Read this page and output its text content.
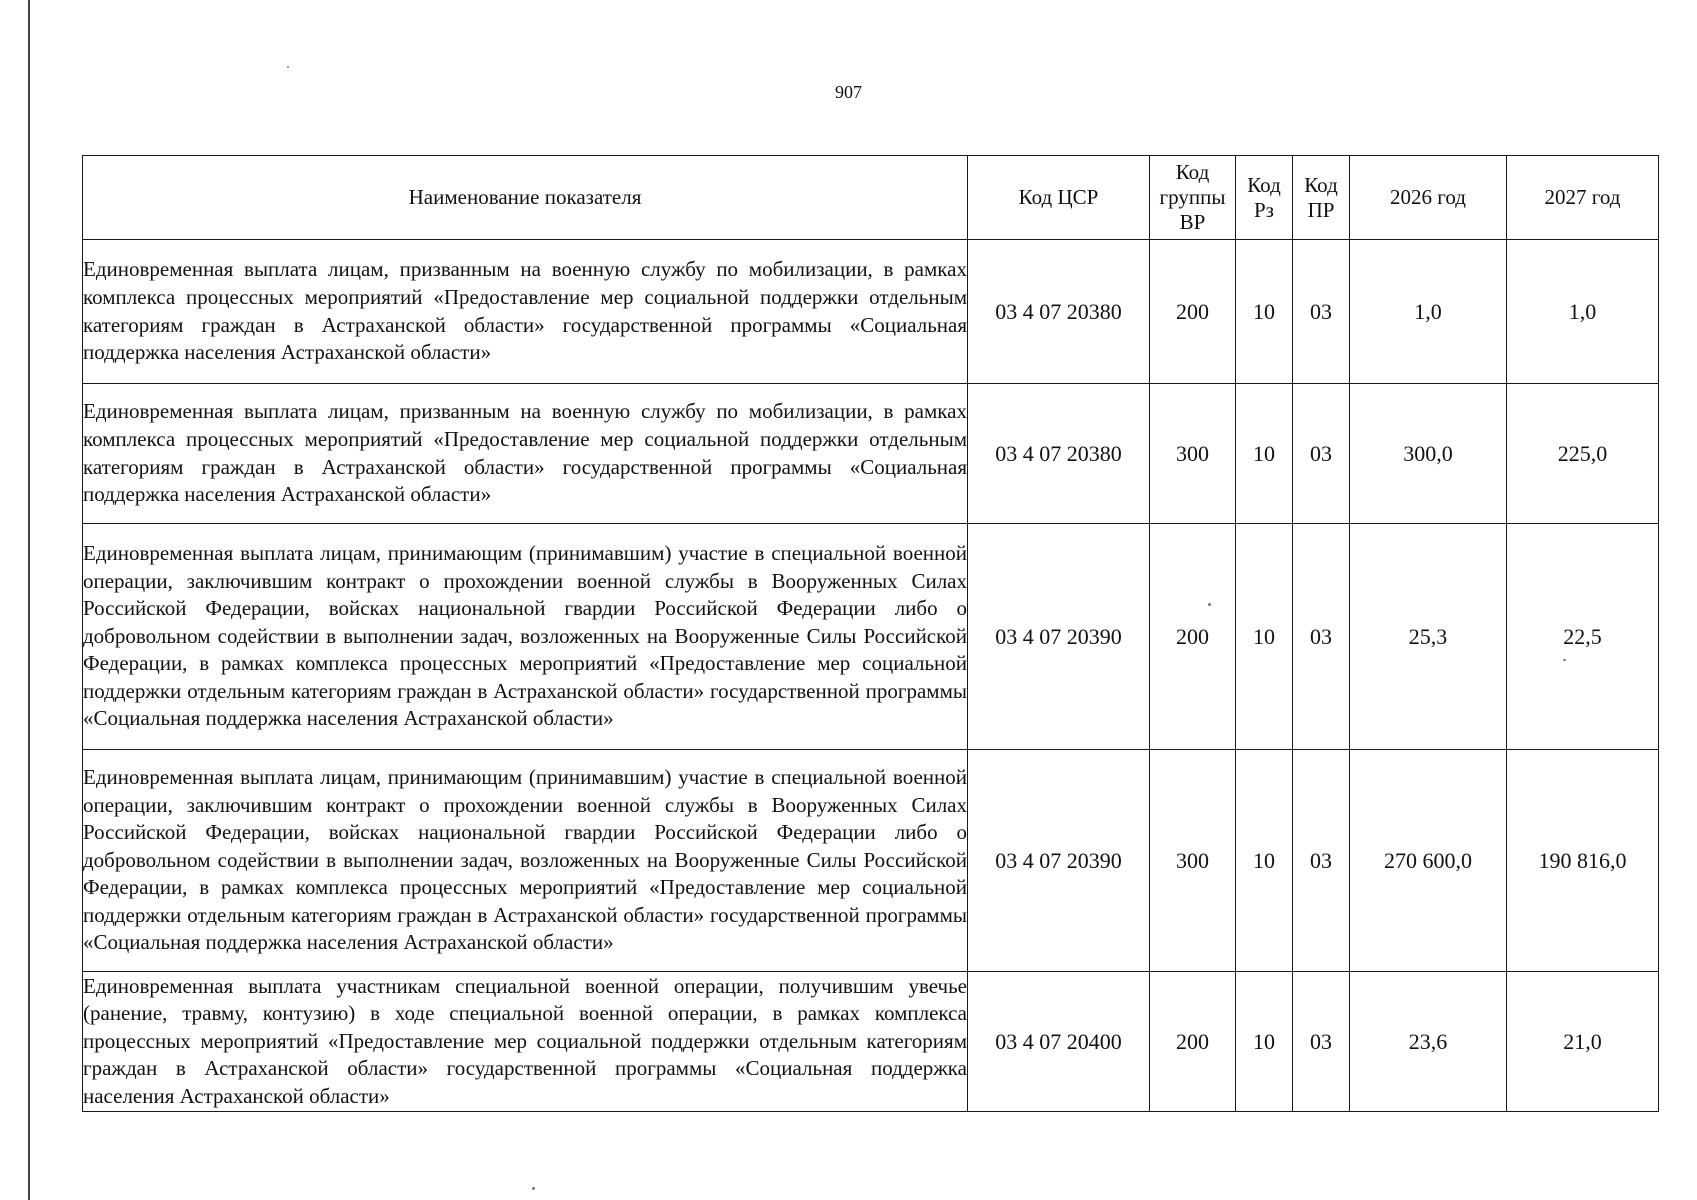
907
Наименование показателя	Код ЦСР	Код группы ВР	Код Рз	Код ПР	2026 год	2027 год
Единовременная выплата лицам, призванным на военную службу по мобилизации, в рамках комплекса процессных мероприятий «Предоставление мер социальной поддержки отдельным категориям граждан в Астраханской области» государственной программы «Социальная поддержка населения Астраханской области»	03 4 07 20380	200	10	03	1,0	1,0
Единовременная выплата лицам, призванным на военную службу по мобилизации, в рамках комплекса процессных мероприятий «Предоставление мер социальной поддержки отдельным категориям граждан в Астраханской области» государственной программы «Социальная поддержка населения Астраханской области»	03 4 07 20380	300	10	03	300,0	225,0
Единовременная выплата лицам, принимающим (принимавшим) участие в специальной военной операции, заключившим контракт о прохождении военной службы в Вооруженных Силах Российской Федерации, войсках национальной гвардии Российской Федерации либо о добровольном содействии в выполнении задач, возложенных на Вооруженные Силы Российской Федерации, в рамках комплекса процессных мероприятий «Предоставление мер социальной поддержки отдельным категориям граждан в Астраханской области» государственной программы «Социальная поддержка населения Астраханской области»	03 4 07 20390	200	10	03	25,3	22,5
Единовременная выплата лицам, принимающим (принимавшим) участие в специальной военной операции, заключившим контракт о прохождении военной службы в Вооруженных Силах Российской Федерации, войсках национальной гвардии Российской Федерации либо о добровольном содействии в выполнении задач, возложенных на Вооруженные Силы Российской Федерации, в рамках комплекса процессных мероприятий «Предоставление мер социальной поддержки отдельным категориям граждан в Астраханской области» государственной программы «Социальная поддержка населения Астраханской области»	03 4 07 20390	300	10	03	270 600,0	190 816,0
Единовременная выплата участникам специальной военной операции, получившим увечье (ранение, травму, контузию) в ходе специальной военной операции, в рамках комплекса процессных мероприятий «Предоставление мер социальной поддержки отдельным категориям граждан в Астраханской области» государственной программы «Социальная поддержка населения Астраханской области»	03 4 07 20400	200	10	03	23,6	21,0
